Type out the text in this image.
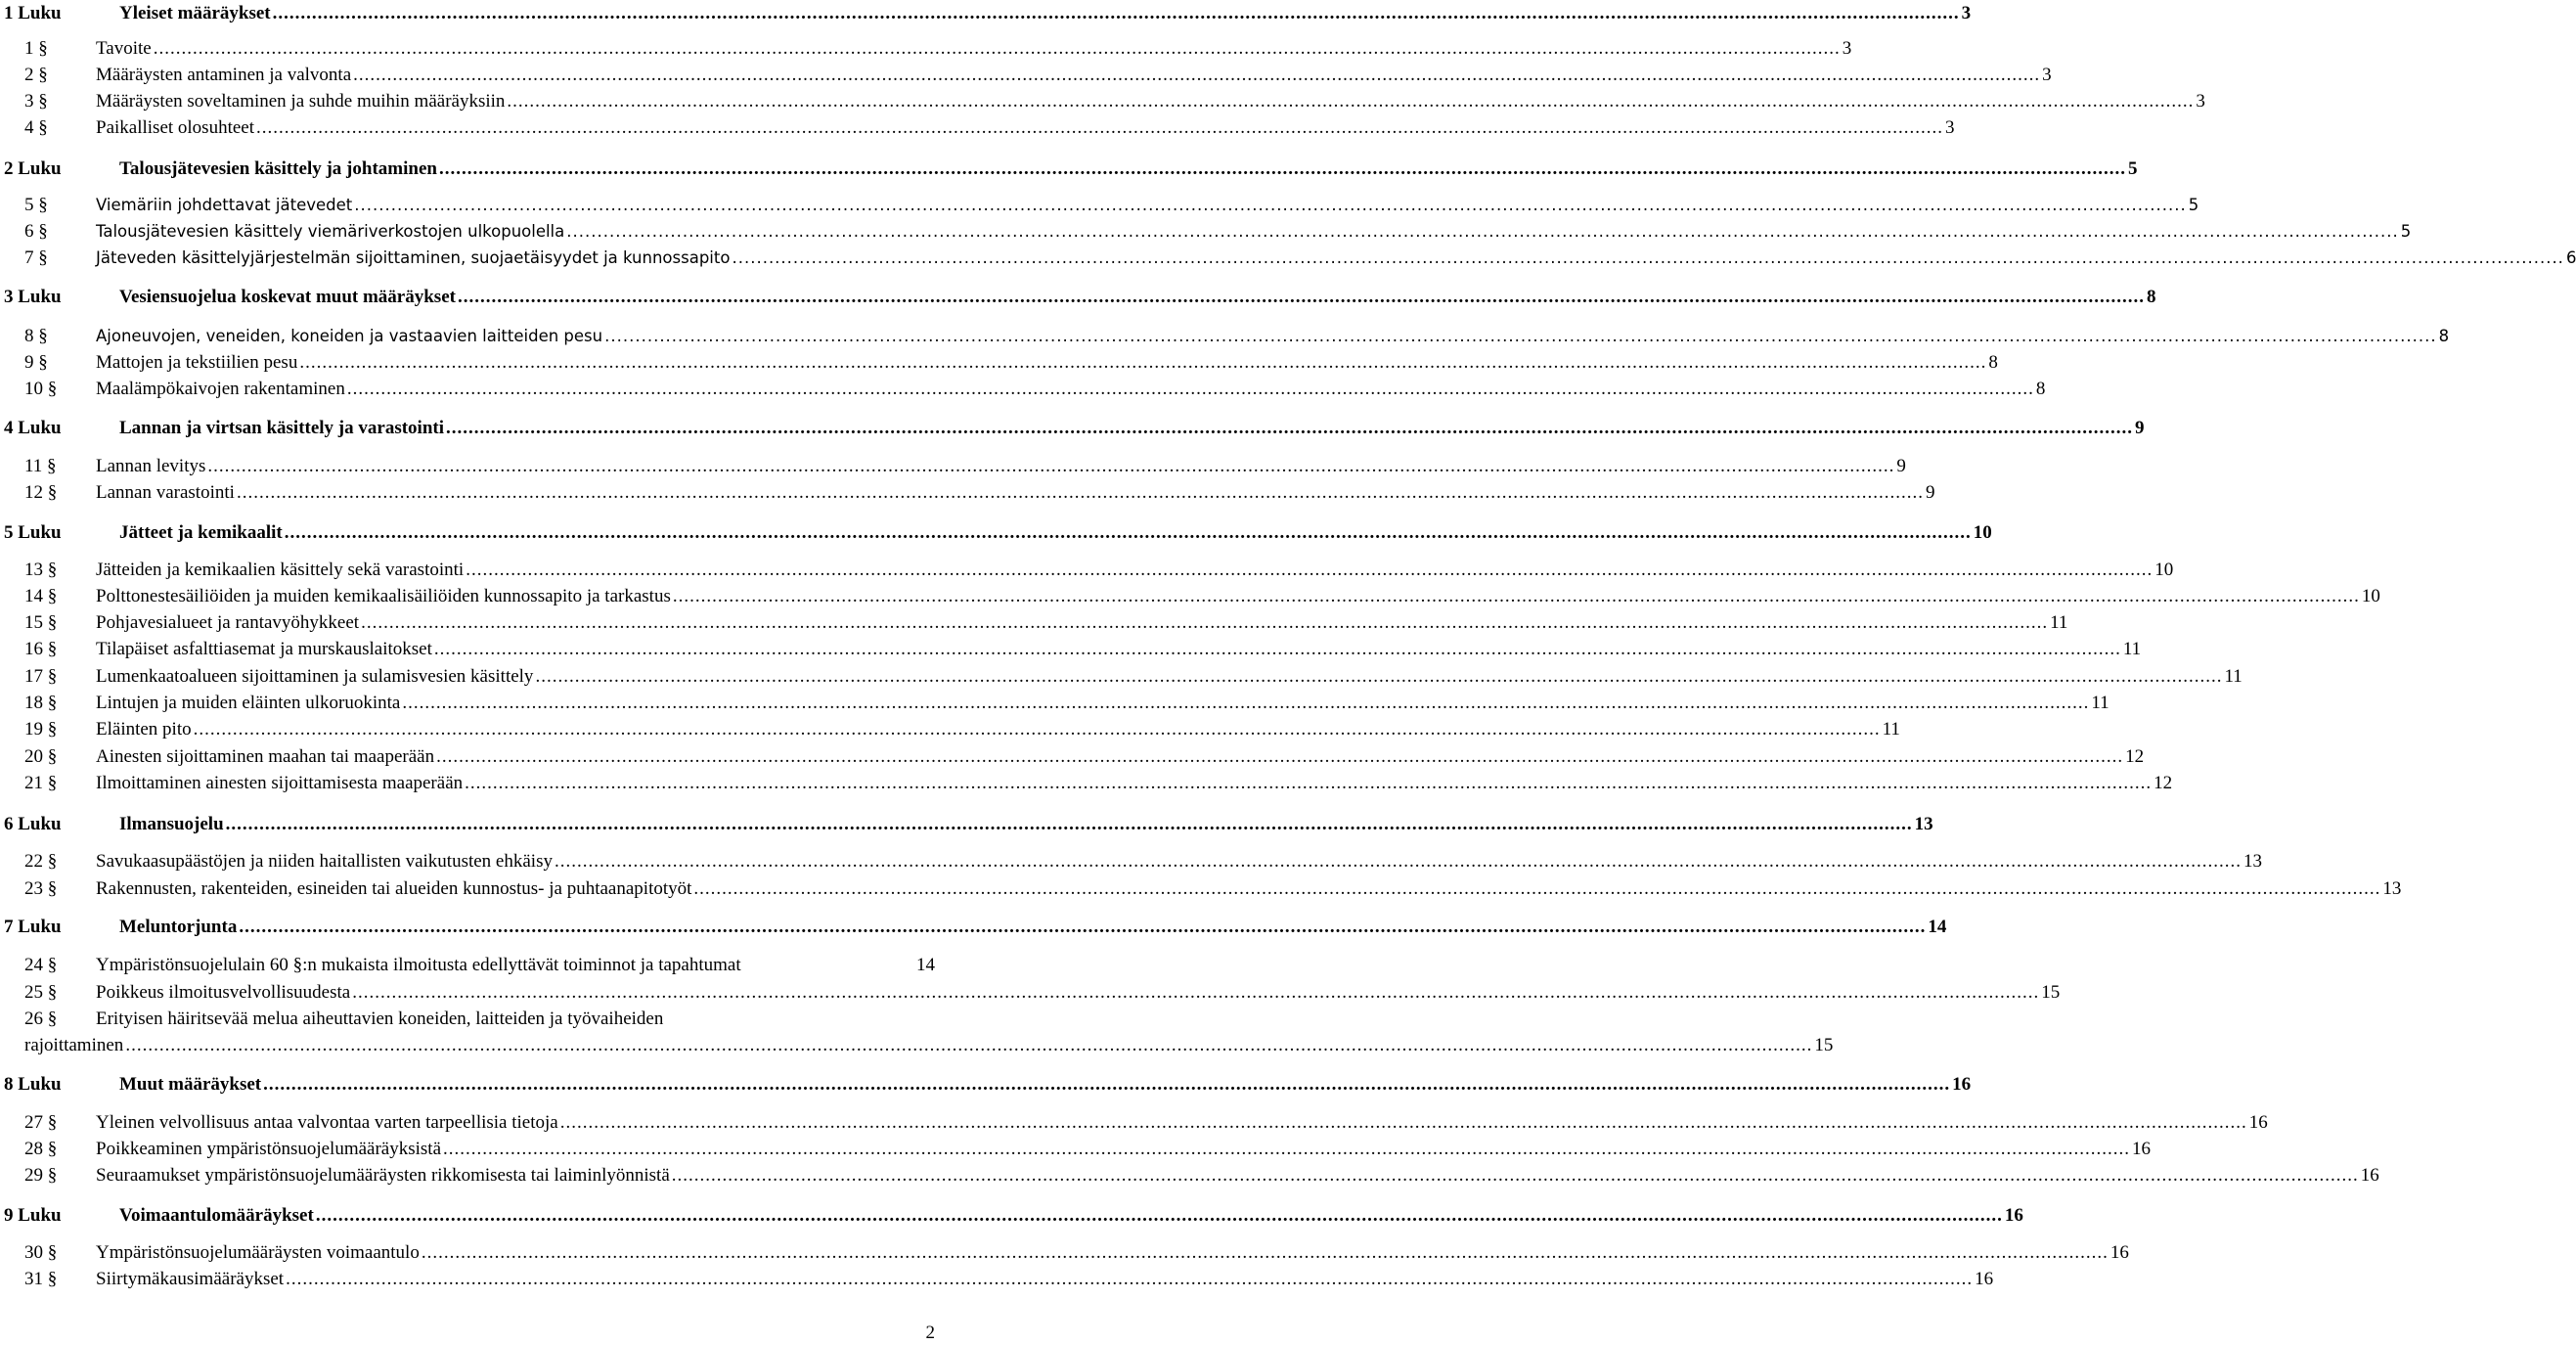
1 Luku	Yleiset määräykset ............................................................................................................................................................................................................................................................................................................ 3
1 §	Tavoite ............................................................................................................................................................................................................................................................................................................ 3
2 §	Määräysten antaminen ja valvonta ............................................................................................................................................................................................................................................................................................................ 3
3 §	Määräysten soveltaminen ja suhde muihin määräyksiin ............................................................................................................................................................................................................................................................................................................ 3
4 §	Paikalliset olosuhteet ............................................................................................................................................................................................................................................................................................................ 3
2 Luku	Talousjätevesien käsittely ja johtaminen ............................................................................................................................................................................................................................................................................................................ 5
5 §	Viemäriin johdettavat jätevedet ............................................................................................................................................................................................................................................................................................................ 5
6 §	Talousjätevesien käsittely viemäriverkostojen ulkopuolella ............................................................................................................................................................................................................................................................................................................ 5
7 §	Jäteveden käsittelyjärjestelmän sijoittaminen, suojaetäisyydet ja kunnossapito ............................................................................................................................................................................................................................................................................................................ 6
3 Luku	Vesiensuojelua koskevat muut määräykset ............................................................................................................................................................................................................................................................................................................ 8
8 §	Ajoneuvojen, veneiden, koneiden ja vastaavien laitteiden pesu ............................................................................................................................................................................................................................................................................................................ 8
9 §	Mattojen ja tekstiilien pesu ............................................................................................................................................................................................................................................................................................................ 8
10 § Maalämpökaivojen rakentaminen ............................................................................................................................................................................................................................................................................................................ 8
4 Luku	Lannan ja virtsan käsittely ja varastointi ............................................................................................................................................................................................................................................................................................................ 9
11 § Lannan levitys ............................................................................................................................................................................................................................................................................................................ 9
12 § Lannan varastointi ............................................................................................................................................................................................................................................................................................................ 9
5 Luku	Jätteet ja kemikaalit ............................................................................................................................................................................................................................................................................................................ 10
13 § Jätteiden ja kemikaalien käsittely sekä varastointi ............................................................................................................................................................................................................................................................................................................ 10
14 § Polttonestesäiliöiden ja muiden kemikaalisäiliöiden kunnossapito ja tarkastus ............................................................................................................................................................................................................................................................................................................ 10
15 § Pohjavesialueet ja rantavyöhykkeet ............................................................................................................................................................................................................................................................................................................ 11
16 § Tilapäiset asfalttiasemat ja murskauslaitokset ............................................................................................................................................................................................................................................................................................................ 11
17 § Lumenkaatoalueen sijoittaminen ja sulamisvesien käsittely ............................................................................................................................................................................................................................................................................................................ 11
18 § Lintujen ja muiden eläinten ulkoruokinta ............................................................................................................................................................................................................................................................................................................ 11
19 § Eläinten pito ............................................................................................................................................................................................................................................................................................................ 11
20 § Ainesten sijoittaminen maahan tai maaperään ............................................................................................................................................................................................................................................................................................................ 12
21 § Ilmoittaminen ainesten sijoittamisesta maaperään ............................................................................................................................................................................................................................................................................................................ 12
6 Luku	Ilmansuojelu ............................................................................................................................................................................................................................................................................................................ 13
22 § Savukaasupäästöjen ja niiden haitallisten vaikutusten ehkäisy ............................................................................................................................................................................................................................................................................................................ 13
23 § Rakennusten, rakenteiden, esineiden tai alueiden kunnostus- ja puhtaanapitotyöt ............................................................................................................................................................................................................................................................................................................ 13
7 Luku	Meluntorjunta ............................................................................................................................................................................................................................................................................................................ 14
24 § Ympäristönsuojelulain 60 §:n mukaista ilmoitusta edellyttävät toiminnot ja tapahtumat	14
25 § Poikkeus ilmoitusvelvollisuudesta ............................................................................................................................................................................................................................................................................................................ 15
26 § Erityisen häiritsevää melua aiheuttavien koneiden, laitteiden ja työvaiheiden
rajoittaminen ............................................................................................................................................................................................................................................................................................................ 15
8 Luku	Muut määräykset ............................................................................................................................................................................................................................................................................................................ 16
27 § Yleinen velvollisuus antaa valvontaa varten tarpeellisia tietoja ............................................................................................................................................................................................................................................................................................................ 16
28 § Poikkeaminen ympäristönsuojelumääräyksistä ............................................................................................................................................................................................................................................................................................................ 16
29 § Seuraamukset ympäristönsuojelumääräysten rikkomisesta tai laiminlyönnistä ............................................................................................................................................................................................................................................................................................................ 16
9 Luku	Voimaantulomääräykset ............................................................................................................................................................................................................................................................................................................ 16
30 § Ympäristönsuojelumääräysten voimaantulo ............................................................................................................................................................................................................................................................................................................ 16
31 § Siirtymäkausimääräykset ............................................................................................................................................................................................................................................................................................................ 16
2
